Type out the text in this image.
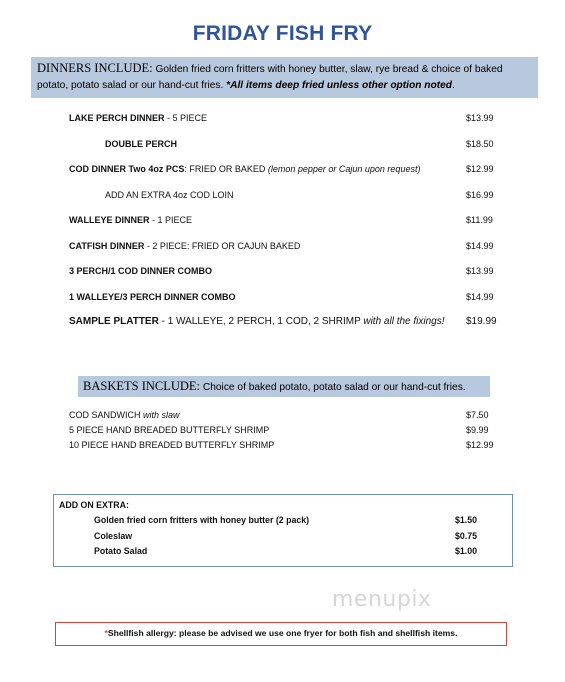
FRIDAY FISH FRY
DINNERS INCLUDE: Golden fried corn fritters with honey butter, slaw, rye bread & choice of baked potato, potato salad or our hand-cut fries. *All items deep fried unless other option noted.
LAKE PERCH DINNER - 5 PIECE	$13.99
DOUBLE PERCH	$18.50
COD DINNER Two 4oz PCS: FRIED OR BAKED (lemon pepper or Cajun upon request)	$12.99
ADD AN EXTRA 4oz COD LOIN	$16.99
WALLEYE DINNER - 1 PIECE	$11.99
CATFISH DINNER - 2 PIECE: FRIED OR CAJUN BAKED	$14.99
3 PERCH/1 COD DINNER COMBO	$13.99
1 WALLEYE/3 PERCH DINNER COMBO	$14.99
SAMPLE PLATTER - 1 WALLEYE, 2 PERCH, 1 COD, 2 SHRIMP with all the fixings! $19.99
BASKETS INCLUDE: Choice of baked potato, potato salad or our hand-cut fries.
COD SANDWICH with slaw	$7.50
5 PIECE HAND BREADED BUTTERFLY SHRIMP	$9.99
10 PIECE HAND BREADED BUTTERFLY SHRIMP	$12.99
ADD ON EXTRA:
Golden fried corn fritters with honey butter (2 pack)	$1.50
Coleslaw	$0.75
Potato Salad	$1.00
menupix
*Shellfish allergy: please be advised we use one fryer for both fish and shellfish items.
